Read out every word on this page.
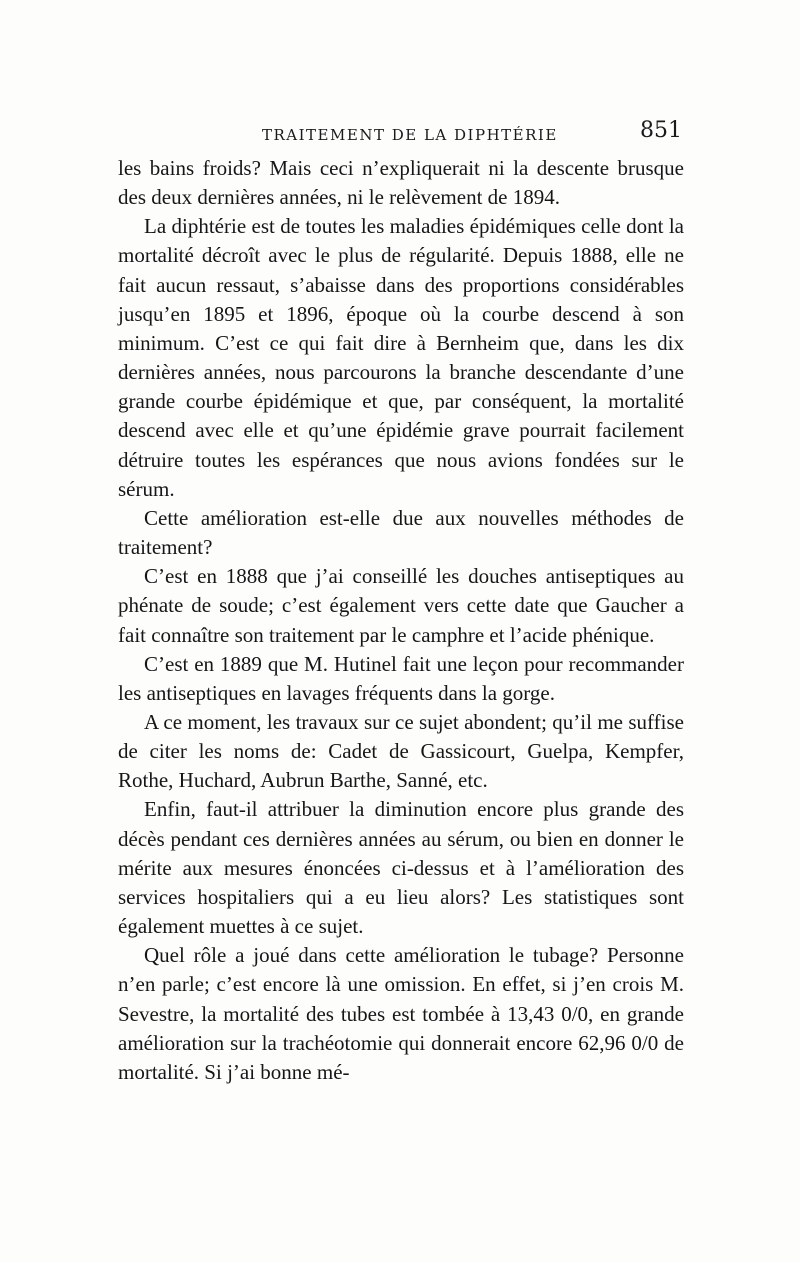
TRAITEMENT DE LA DIPHTÉRIE	851

les bains froids? Mais ceci n’expliquerait ni la descente brusque des deux dernières années, ni le relèvement de 1894.

La diphtérie est de toutes les maladies épidémiques celle dont la mortalité décroît avec le plus de régularité. Depuis 1888, elle ne fait aucun ressaut, s’abaisse dans des proportions considérables jusqu’en 1895 et 1896, époque où la courbe descend à son minimum. C’est ce qui fait dire à Bernheim que, dans les dix dernières années, nous parcourons la branche descendante d’une grande courbe épidémique et que, par conséquent, la mortalité descend avec elle et qu’une épidémie grave pourrait facilement détruire toutes les espérances que nous avions fondées sur le sérum.

Cette amélioration est-elle due aux nouvelles méthodes de traitement?

C’est en 1888 que j’ai conseillé les douches antiseptiques au phénate de soude; c’est également vers cette date que Gaucher a fait connaître son traitement par le camphre et l’acide phénique.

C’est en 1889 que M. Hutinel fait une leçon pour recommander les antiseptiques en lavages fréquents dans la gorge.

A ce moment, les travaux sur ce sujet abondent; qu’il me suffise de citer les noms de: Cadet de Gassicourt, Guelpa, Kempfer, Rothe, Huchard, Aubrun Barthe, Sanné, etc.

Enfin, faut-il attribuer la diminution encore plus grande des décès pendant ces dernières années au sérum, ou bien en donner le mérite aux mesures énoncées ci-dessus et à l’amélioration des services hospitaliers qui a eu lieu alors? Les statistiques sont également muettes à ce sujet.

Quel rôle a joué dans cette amélioration le tubage? Personne n’en parle; c’est encore là une omission. En effet, si j’en crois M. Sevestre, la mortalité des tubes est tombée à 13,43 0/0, en grande amélioration sur la trachéotomie qui donnerait encore 62,96 0/0 de mortalité. Si j’ai bonne mé-
